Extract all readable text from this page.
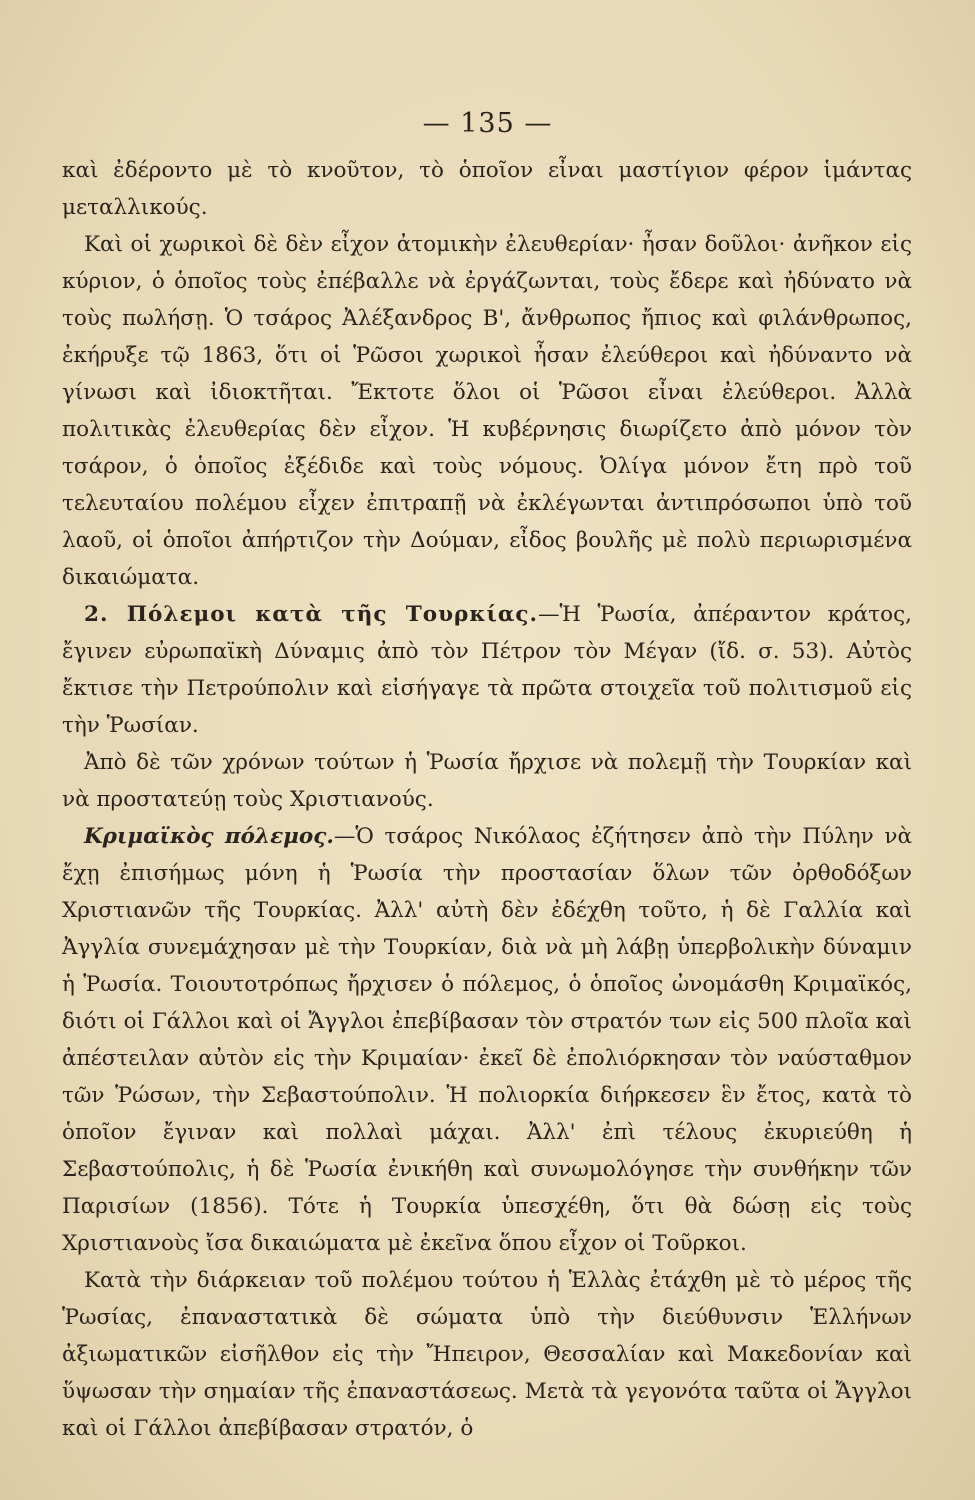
— 135 —

καὶ ἐδέροντο μὲ τὸ κνοῦτον, τὸ ὁποῖον εἶναι μαστίγιον φέρον ἱμάντας μεταλλικούς.

Καὶ οἱ χωρικοὶ δὲ δὲν εἶχον ἀτομικὴν ἐλευθερίαν· ἦσαν δοῦλοι· ἀνῆκον εἰς κύριον, ὁ ὁποῖος τοὺς ἐπέβαλλε νὰ ἐργάζωνται, τοὺς ἔδερε καὶ ἠδύνατο νὰ τοὺς πωλήσῃ. Ὁ τσάρος Ἀλέξανδρος Β', ἄνθρωπος ἤπιος καὶ φιλάνθρωπος, ἐκήρυξε τῷ 1863, ὅτι οἱ Ῥῶσοι χωρικοὶ ἦσαν ἐλεύθεροι καὶ ἠδύναντο νὰ γίνωσι καὶ ἰδιοκτῆται. Ἔκτοτε ὅλοι οἱ Ῥῶσοι εἶναι ἐλεύθεροι. Ἀλλὰ πολιτικὰς ἐλευθερίας δὲν εἶχον. Ἡ κυβέρνησις διωρίζετο ἀπὸ μόνον τὸν τσάρον, ὁ ὁποῖος ἐξέδιδε καὶ τοὺς νόμους. Ὀλίγα μόνον ἔτη πρὸ τοῦ τελευταίου πολέμου εἶχεν ἐπιτραπῇ νὰ ἐκλέγωνται ἀντιπρόσωποι ὑπὸ τοῦ λαοῦ, οἱ ὁποῖοι ἀπήρτιζον τὴν Δούμαν, εἶδος βουλῆς μὲ πολὺ περιωρισμένα δικαιώματα.

2. Πόλεμοι κατὰ τῆς Τουρκίας.—Ἡ Ῥωσία, ἀπέραντον κράτος, ἔγινεν εὐρωπαϊκὴ Δύναμις ἀπὸ τὸν Πέτρον τὸν Μέγαν (ἴδ. σ. 53). Αὐτὸς ἔκτισε τὴν Πετρούπολιν καὶ εἰσήγαγε τὰ πρῶτα στοιχεῖα τοῦ πολιτισμοῦ εἰς τὴν Ῥωσίαν.

Ἀπὸ δὲ τῶν χρόνων τούτων ἡ Ῥωσία ἤρχισε νὰ πολεμῇ τὴν Τουρκίαν καὶ νὰ προστατεύῃ τοὺς Χριστιανούς.

Κριμαϊκὸς πόλεμος.—Ὁ τσάρος Νικόλαος ἐζήτησεν ἀπὸ τὴν Πύλην νὰ ἔχῃ ἐπισήμως μόνη ἡ Ῥωσία τὴν προστασίαν ὅλων τῶν ὀρθοδόξων Χριστιανῶν τῆς Τουρκίας. Ἀλλ' αὐτὴ δὲν ἐδέχθη τοῦτο, ἡ δὲ Γαλλία καὶ Ἀγγλία συνεμάχησαν μὲ τὴν Τουρκίαν, διὰ νὰ μὴ λάβῃ ὑπερβολικὴν δύναμιν ἡ Ῥωσία. Τοιουτοτρόπως ἤρχισεν ὁ πόλεμος, ὁ ὁποῖος ὠνομάσθη Κριμαϊκός, διότι οἱ Γάλλοι καὶ οἱ Ἄγγλοι ἐπεβίβασαν τὸν στρατόν των εἰς 500 πλοῖα καὶ ἀπέστειλαν αὐτὸν εἰς τὴν Κριμαίαν· ἐκεῖ δὲ ἐπολιόρκησαν τὸν ναύσταθμον τῶν Ῥώσων, τὴν Σεβαστούπολιν. Ἡ πολιορκία διήρκεσεν ἓν ἔτος, κατὰ τὸ ὁποῖον ἔγιναν καὶ πολλαὶ μάχαι. Ἀλλ' ἐπὶ τέλους ἐκυριεύθη ἡ Σεβαστούπολις, ἡ δὲ Ῥωσία ἐνικήθη καὶ συνωμολόγησε τὴν συνθήκην τῶν Παρισίων (1856). Τότε ἡ Τουρκία ὑπεσχέθη, ὅτι θὰ δώσῃ εἰς τοὺς Χριστιανοὺς ἴσα δικαιώματα μὲ ἐκεῖνα ὅπου εἶχον οἱ Τοῦρκοι.

Κατὰ τὴν διάρκειαν τοῦ πολέμου τούτου ἡ Ἑλλὰς ἐτάχθη μὲ τὸ μέρος τῆς Ῥωσίας, ἐπαναστατικὰ δὲ σώματα ὑπὸ τὴν διεύθυνσιν Ἑλλήνων ἀξιωματικῶν εἰσῆλθον εἰς τὴν Ἤπειρον, Θεσσαλίαν καὶ Μακεδονίαν καὶ ὕψωσαν τὴν σημαίαν τῆς ἐπαναστάσεως. Μετὰ τὰ γεγονότα ταῦτα οἱ Ἄγγλοι καὶ οἱ Γάλλοι ἀπεβίβασαν στρατόν, ὁ
